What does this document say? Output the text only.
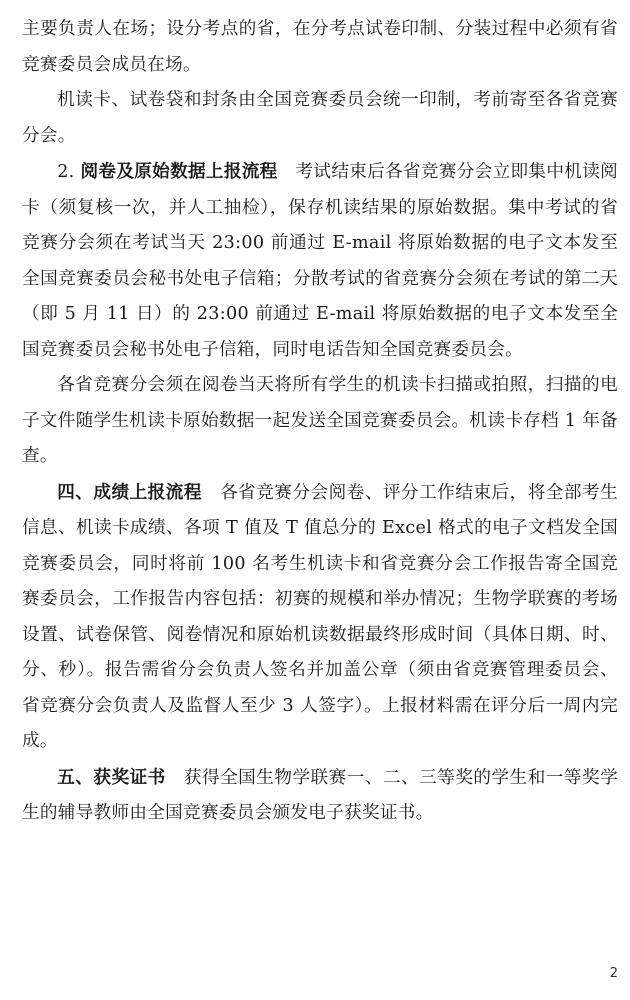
主要负责人在场；设分考点的省，在分考点试卷印制、分装过程中必须有省竞赛委员会成员在场。

机读卡、试卷袋和封条由全国竞赛委员会统一印制，考前寄至各省竞赛分会。

2. 阅卷及原始数据上报流程　考试结束后各省竞赛分会立即集中机读阅卡（须复核一次，并人工抽检），保存机读结果的原始数据。集中考试的省竞赛分会须在考试当天 23:00 前通过 E-mail 将原始数据的电子文本发至全国竞赛委员会秘书处电子信箱；分散考试的省竞赛分会须在考试的第二天（即 5 月 11 日）的 23:00 前通过 E-mail 将原始数据的电子文本发至全国竞赛委员会秘书处电子信箱，同时电话告知全国竞赛委员会。

各省竞赛分会须在阅卷当天将所有学生的机读卡扫描或拍照，扫描的电子文件随学生机读卡原始数据一起发送全国竞赛委员会。机读卡存档 1 年备查。

四、成绩上报流程　各省竞赛分会阅卷、评分工作结束后，将全部考生信息、机读卡成绩、各项 T 值及 T 值总分的 Excel 格式的电子文档发全国竞赛委员会，同时将前 100 名考生机读卡和省竞赛分会工作报告寄全国竞赛委员会，工作报告内容包括：初赛的规模和举办情况；生物学联赛的考场设置、试卷保管、阅卷情况和原始机读数据最终形成时间（具体日期、时、分、秒）。报告需省分会负责人签名并加盖公章（须由省竞赛管理委员会、省竞赛分会负责人及监督人至少 3 人签字）。上报材料需在评分后一周内完成。

五、获奖证书　获得全国生物学联赛一、二、三等奖的学生和一等奖学生的辅导教师由全国竞赛委员会颁发电子获奖证书。

2
